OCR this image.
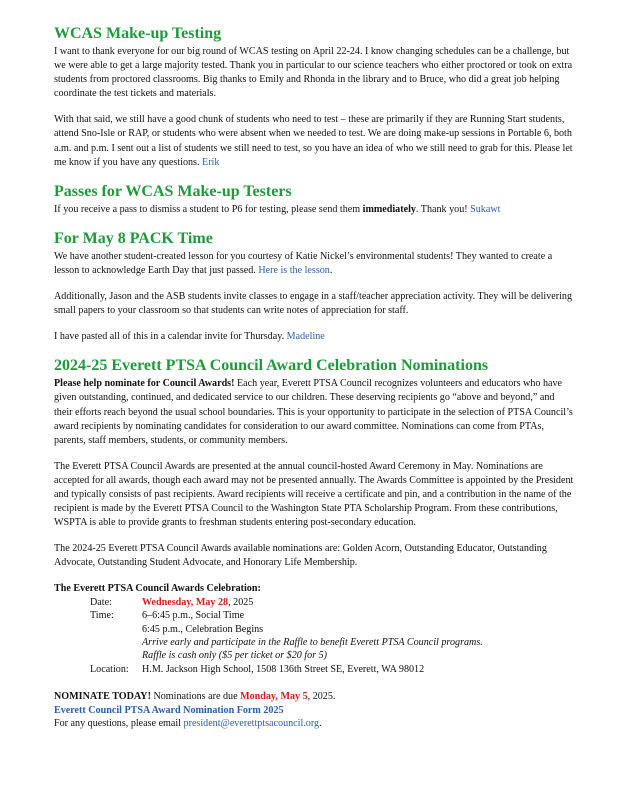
WCAS Make-up Testing

I want to thank everyone for our big round of WCAS testing on April 22-24. I know changing schedules can be a challenge, but we were able to get a large majority tested. Thank you in particular to our science teachers who either proctored or took on extra students from proctored classrooms. Big thanks to Emily and Rhonda in the library and to Bruce, who did a great job helping coordinate the test tickets and materials.

With that said, we still have a good chunk of students who need to test – these are primarily if they are Running Start students, attend Sno-Isle or RAP, or students who were absent when we needed to test. We are doing make-up sessions in Portable 6, both a.m. and p.m. I sent out a list of students we still need to test, so you have an idea of who we still need to grab for this. Please let me know if you have any questions. Erik

Passes for WCAS Make-up Testers

If you receive a pass to dismiss a student to P6 for testing, please send them immediately. Thank you! Sukawt

For May 8 PACK Time

We have another student-created lesson for you courtesy of Katie Nickel’s environmental students! They wanted to create a lesson to acknowledge Earth Day that just passed. Here is the lesson.

Additionally, Jason and the ASB students invite classes to engage in a staff/teacher appreciation activity. They will be delivering small papers to your classroom so that students can write notes of appreciation for staff.

I have pasted all of this in a calendar invite for Thursday. Madeline

2024-25 Everett PTSA Council Award Celebration Nominations

Please help nominate for Council Awards! Each year, Everett PTSA Council recognizes volunteers and educators who have given outstanding, continued, and dedicated service to our children. These deserving recipients go “above and beyond,” and their efforts reach beyond the usual school boundaries. This is your opportunity to participate in the selection of PTSA Council’s award recipients by nominating candidates for consideration to our award committee. Nominations can come from PTAs, parents, staff members, students, or community members.

The Everett PTSA Council Awards are presented at the annual council-hosted Award Ceremony in May. Nominations are accepted for all awards, though each award may not be presented annually. The Awards Committee is appointed by the President and typically consists of past recipients. Award recipients will receive a certificate and pin, and a contribution in the name of the recipient is made by the Everett PTSA Council to the Washington State PTA Scholarship Program. From these contributions, WSPTA is able to provide grants to freshman students entering post-secondary education.

The 2024-25 Everett PTSA Council Awards available nominations are: Golden Acorn, Outstanding Educator, Outstanding Advocate, Outstanding Student Advocate, and Honorary Life Membership.

The Everett PTSA Council Awards Celebration:
Date:	Wednesday, May 28, 2025
Time:	6–6:45 p.m., Social Time
6:45 p.m., Celebration Begins
Arrive early and participate in the Raffle to benefit Everett PTSA Council programs.
Raffle is cash only ($5 per ticket or $20 for 5)
Location:	H.M. Jackson High School, 1508 136th Street SE, Everett, WA 98012
NOMINATE TODAY! Nominations are due Monday, May 5, 2025.
Everett Council PTSA Award Nomination Form 2025
For any questions, please email president@everettptsacouncil.org.
